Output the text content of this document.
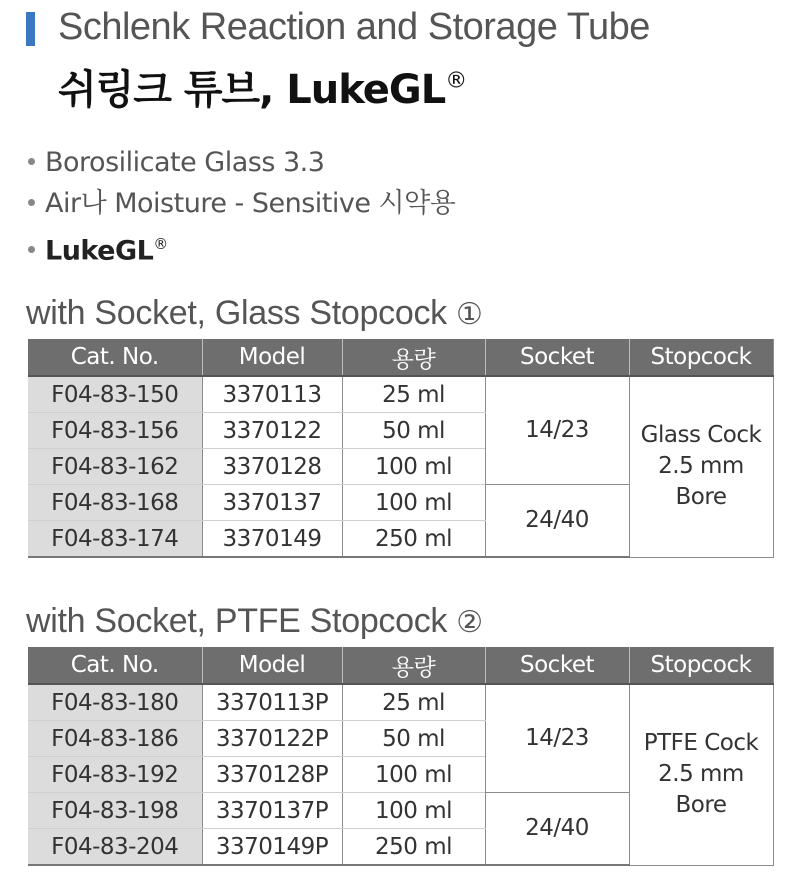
Schlenk Reaction and Storage Tube
쉬링크 튜브, LukeGL®
Borosilicate Glass 3.3
Air나 Moisture - Sensitive 시약용
LukeGL®
with Socket, Glass Stopcock ①
Cat. No.	Model	용량	Socket	Stopcock
F04-83-150	3370113	25 ml	14/23	Glass Cock
2.5 mm
Bore
F04-83-156	3370122	50 ml		
F04-83-162	3370128	100 ml		
F04-83-168	3370137	100 ml	24/40	
F04-83-174	3370149	250 ml		
with Socket, PTFE Stopcock ②
Cat. No.	Model	용량	Socket	Stopcock
F04-83-180	3370113P	25 ml	14/23	PTFE Cock
2.5 mm
Bore
F04-83-186	3370122P	50 ml		
F04-83-192	3370128P	100 ml		
F04-83-198	3370137P	100 ml	24/40	
F04-83-204	3370149P	250 ml		
